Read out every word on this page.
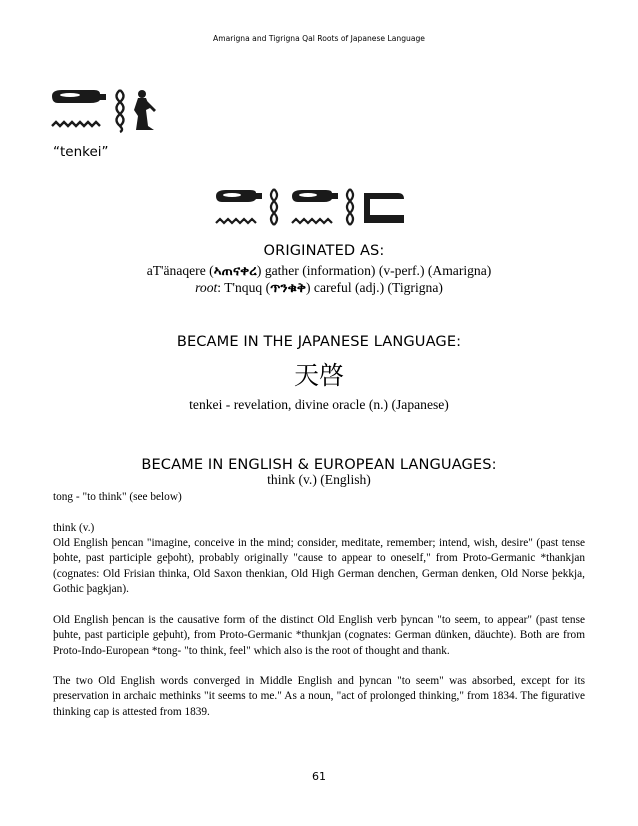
Amarigna and Tigrigna Qal Roots of Japanese Language
“tenkei”
ORIGINATED AS:
aT'änaqere (ኣጠናቀረ) gather (information) (v-perf.) (Amarigna)
root: T'nquq (ጥንቁቅ) careful (adj.) (Tigrigna)
BECAME IN THE JAPANESE LANGUAGE:
天啓
tenkei - revelation, divine oracle (n.) (Japanese)
BECAME IN ENGLISH & EUROPEAN LANGUAGES:
think (v.) (English)
tong - "to think" (see below)
think (v.)
Old English þencan "imagine, conceive in the mind; consider, meditate, remember; intend, wish, desire" (past tense þohte, past participle geþoht), probably originally "cause to appear to oneself," from Proto-Germanic *thankjan (cognates: Old Frisian thinka, Old Saxon thenkian, Old High German denchen, German denken, Old Norse þekkja, Gothic þagkjan).
Old English þencan is the causative form of the distinct Old English verb þyncan "to seem, to appear" (past tense þuhte, past participle geþuht), from Proto-Germanic *thunkjan (cognates: German dünken, däuchte). Both are from Proto-Indo-European *tong- "to think, feel" which also is the root of thought and thank.
The two Old English words converged in Middle English and þyncan "to seem" was absorbed, except for its preservation in archaic methinks "it seems to me." As a noun, "act of prolonged thinking," from 1834. The figurative thinking cap is attested from 1839.
61
